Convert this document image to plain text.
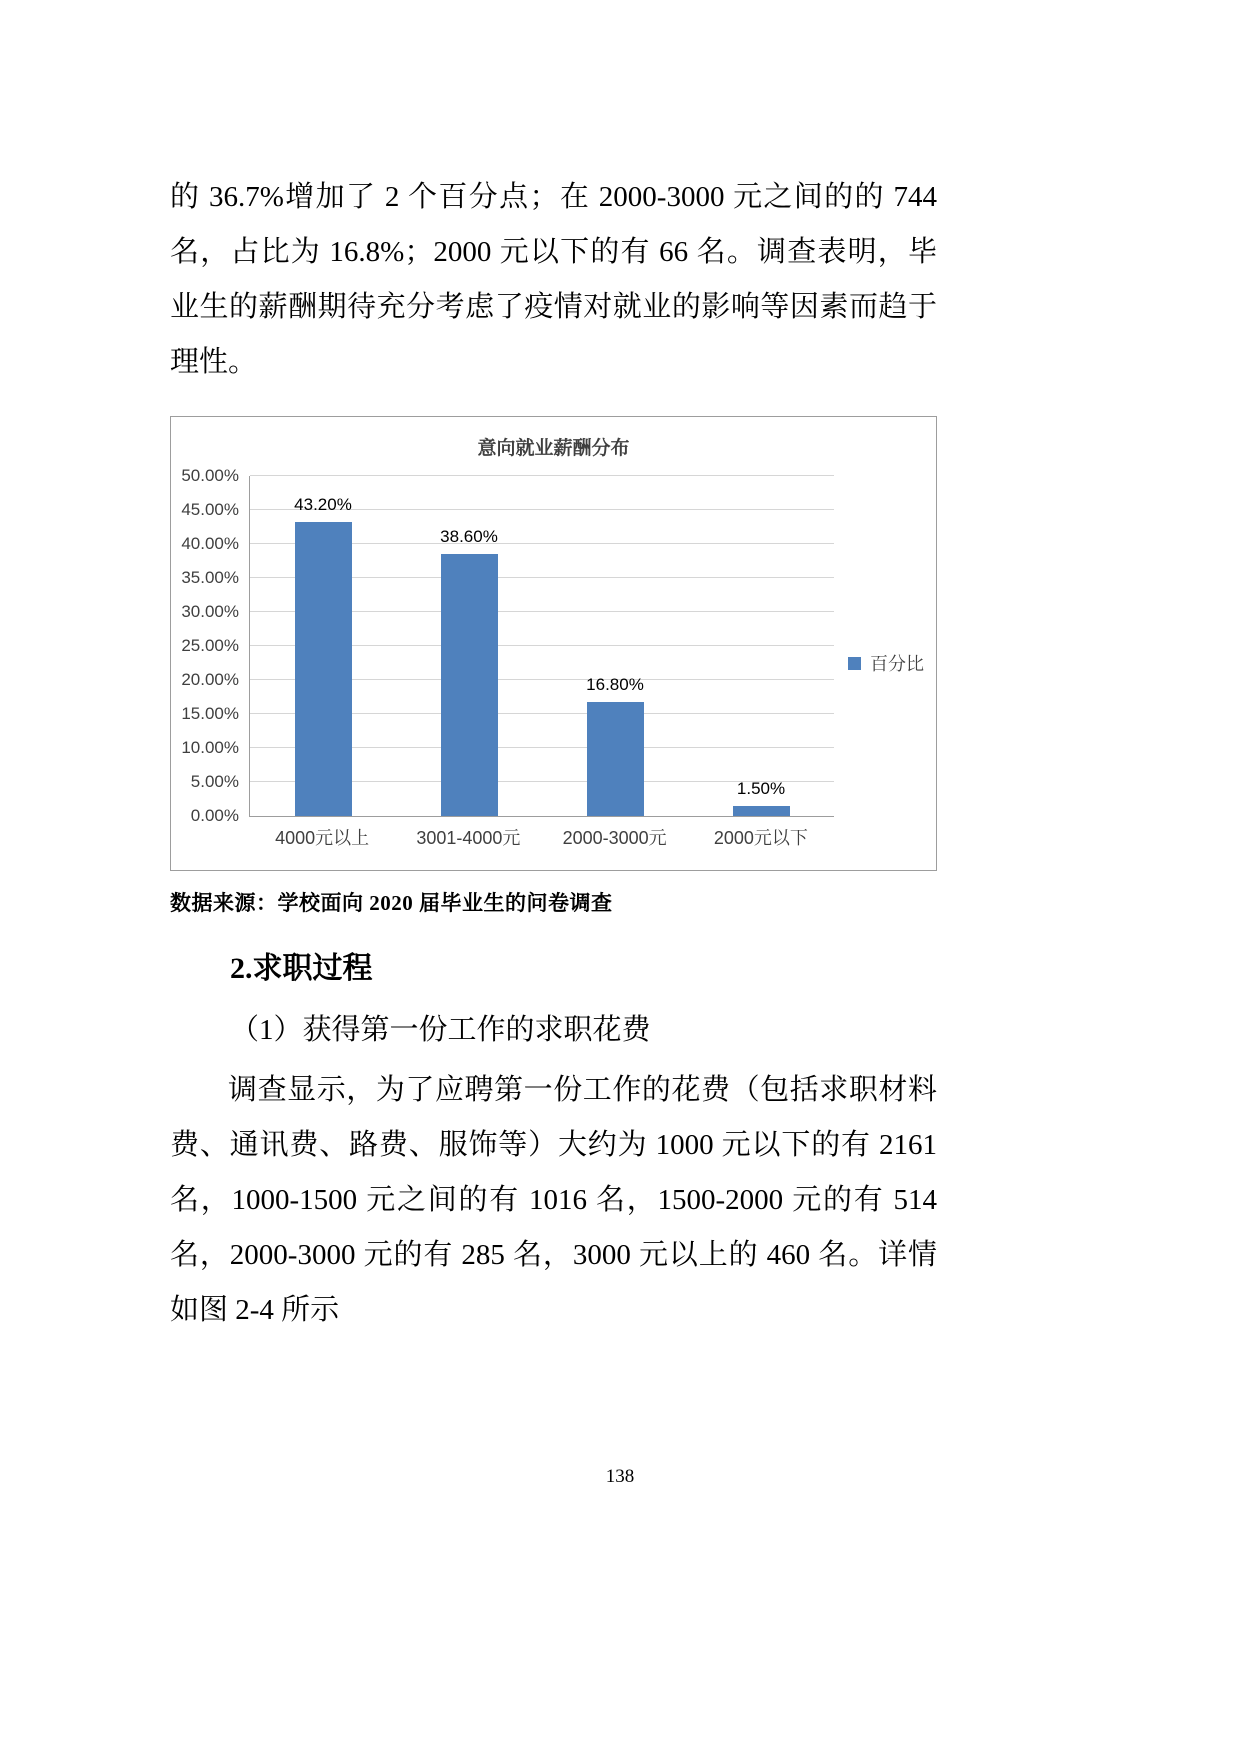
的 36.7%增加了 2 个百分点；在 2000-3000 元之间的的 744 名，占比为 16.8%；2000 元以下的有 66 名。调查表明，毕业生的薪酬期待充分考虑了疫情对就业的影响等因素而趋于理性。

意向就业薪酬分布
0.00%
5.00%
10.00%
15.00%
20.00%
25.00%
30.00%
35.00%
40.00%
45.00%
50.00%
43.20%
38.60%
16.80%
1.50%
4000元以上	3001-4000元	2000-3000元	2000元以下
百分比

数据来源：学校面向 2020 届毕业生的问卷调查

2.求职过程

（1）获得第一份工作的求职花费

调查显示，为了应聘第一份工作的花费（包括求职材料费、通讯费、路费、服饰等）大约为 1000 元以下的有 2161 名，1000-1500 元之间的有 1016 名，1500-2000 元的有 514 名，2000-3000 元的有 285 名，3000 元以上的 460 名。详情如图 2-4 所示

138
